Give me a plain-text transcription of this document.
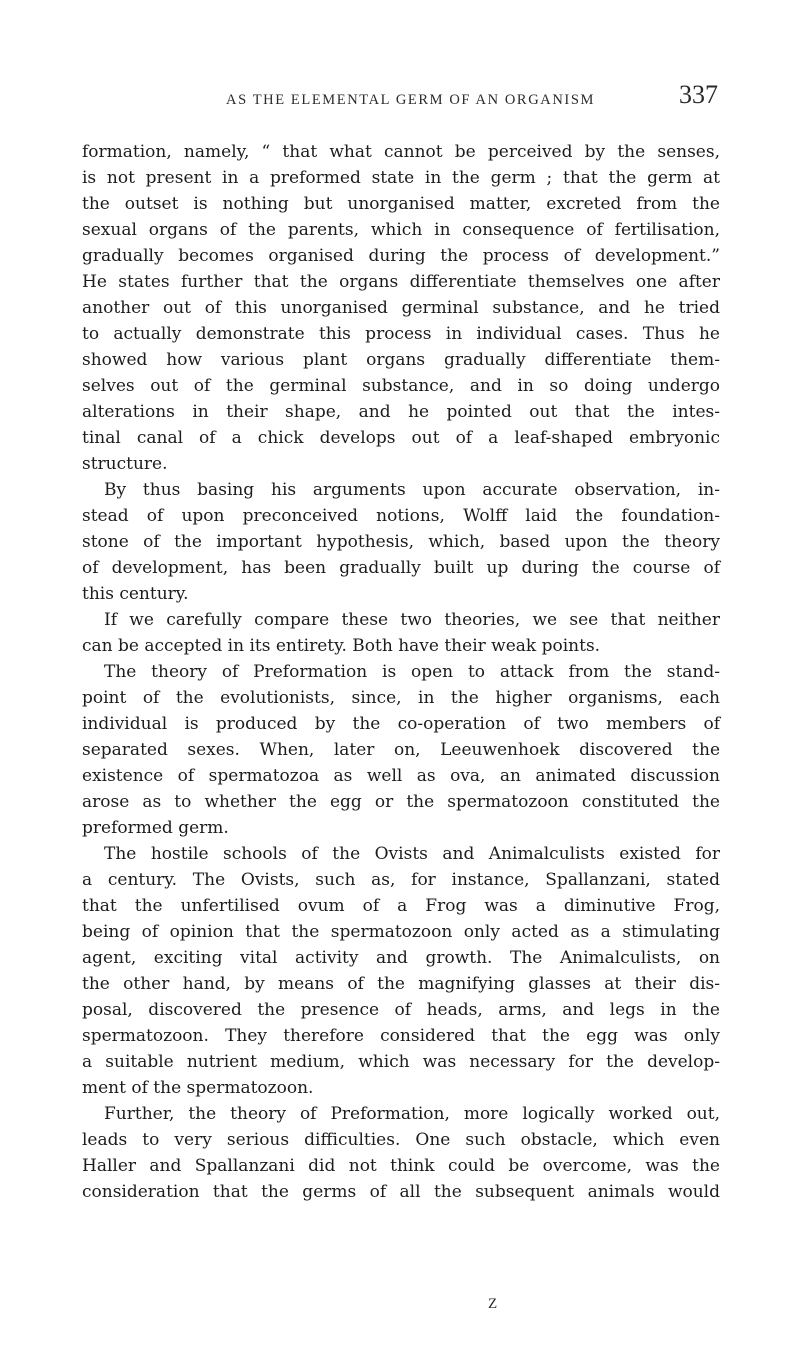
AS THE ELEMENTAL GERM OF AN ORGANISM	337
formation, namely, “ that what cannot be perceived by the senses,
is not present in a preformed state in the germ ; that the germ at
the outset is nothing but unorganised matter, excreted from the
sexual organs of the parents, which in consequence of fertilisation,
gradually becomes organised during the process of development.”
He states further that the organs differentiate themselves one after
another out of this unorganised germinal substance, and he tried
to actually demonstrate this process in individual cases. Thus he
showed how various plant organs gradually differentiate them-
selves out of the germinal substance, and in so doing undergo
alterations in their shape, and he pointed out that the intes-
tinal canal of a chick develops out of a leaf-shaped embryonic
structure.
By thus basing his arguments upon accurate observation, in-
stead of upon preconceived notions, Wolff laid the foundation-
stone of the important hypothesis, which, based upon the theory
of development, has been gradually built up during the course of
this century.
If we carefully compare these two theories, we see that neither
can be accepted in its entirety. Both have their weak points.
The theory of Preformation is open to attack from the stand-
point of the evolutionists, since, in the higher organisms, each
individual is produced by the co-operation of two members of
separated sexes. When, later on, Leeuwenhoek discovered the
existence of spermatozoa as well as ova, an animated discussion
arose as to whether the egg or the spermatozoon constituted the
preformed germ.
The hostile schools of the Ovists and Animalculists existed for
a century. The Ovists, such as, for instance, Spallanzani, stated
that the unfertilised ovum of a Frog was a diminutive Frog,
being of opinion that the spermatozoon only acted as a stimulating
agent, exciting vital activity and growth. The Animalculists, on
the other hand, by means of the magnifying glasses at their dis-
posal, discovered the presence of heads, arms, and legs in the
spermatozoon. They therefore considered that the egg was only
a suitable nutrient medium, which was necessary for the develop-
ment of the spermatozoon.
Further, the theory of Preformation, more logically worked out,
leads to very serious difficulties. One such obstacle, which even
Haller and Spallanzani did not think could be overcome, was the
consideration that the germs of all the subsequent animals would
Z
